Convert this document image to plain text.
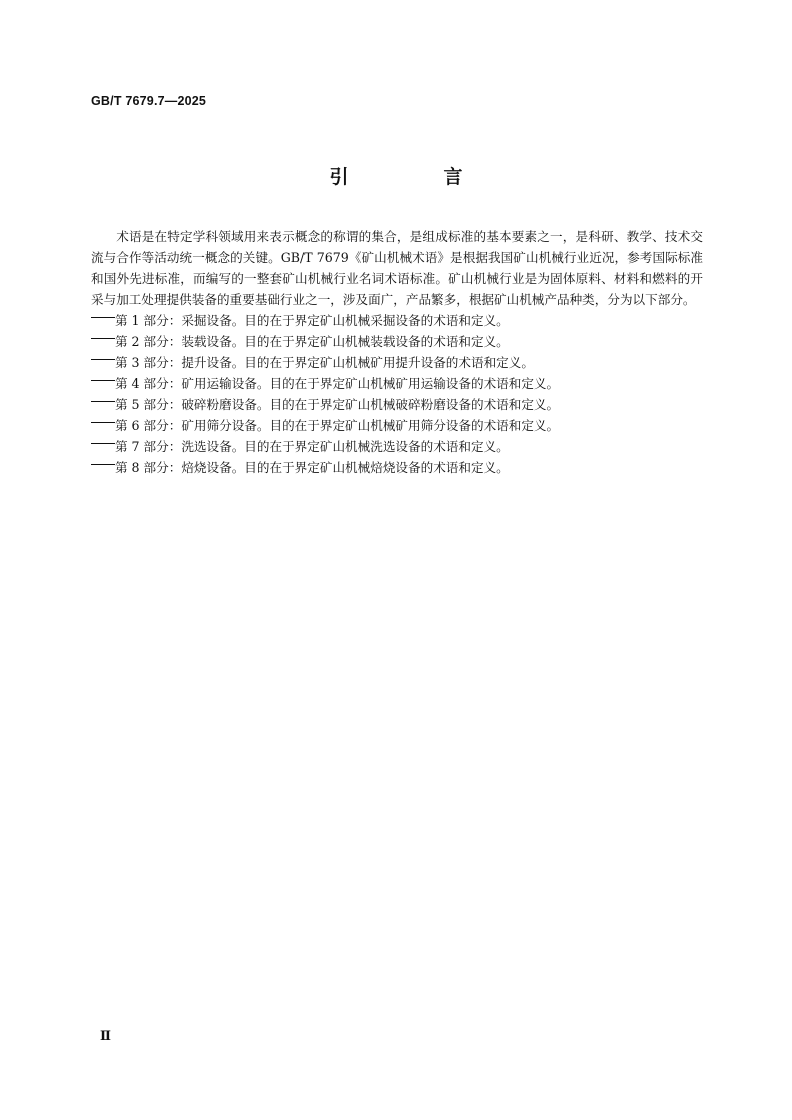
GB/T 7679.7—2025
引　言

术语是在特定学科领域用来表示概念的称谓的集合，是组成标准的基本要素之一，是科研、教学、技术交流与合作等活动统一概念的关键。GB/T 7679《矿山机械术语》是根据我国矿山机械行业近况，参考国际标准和国外先进标准，而编写的一整套矿山机械行业名词术语标准。矿山机械行业是为固体原料、材料和燃料的开采与加工处理提供装备的重要基础行业之一，涉及面广，产品繁多，根据矿山机械产品种类，分为以下部分。

第 1 部分：采掘设备。目的在于界定矿山机械采掘设备的术语和定义。
第 2 部分：装载设备。目的在于界定矿山机械装载设备的术语和定义。
第 3 部分：提升设备。目的在于界定矿山机械矿用提升设备的术语和定义。
第 4 部分：矿用运输设备。目的在于界定矿山机械矿用运输设备的术语和定义。
第 5 部分：破碎粉磨设备。目的在于界定矿山机械破碎粉磨设备的术语和定义。
第 6 部分：矿用筛分设备。目的在于界定矿山机械矿用筛分设备的术语和定义。
第 7 部分：洗选设备。目的在于界定矿山机械洗选设备的术语和定义。
第 8 部分：焙烧设备。目的在于界定矿山机械焙烧设备的术语和定义。
Ⅱ
